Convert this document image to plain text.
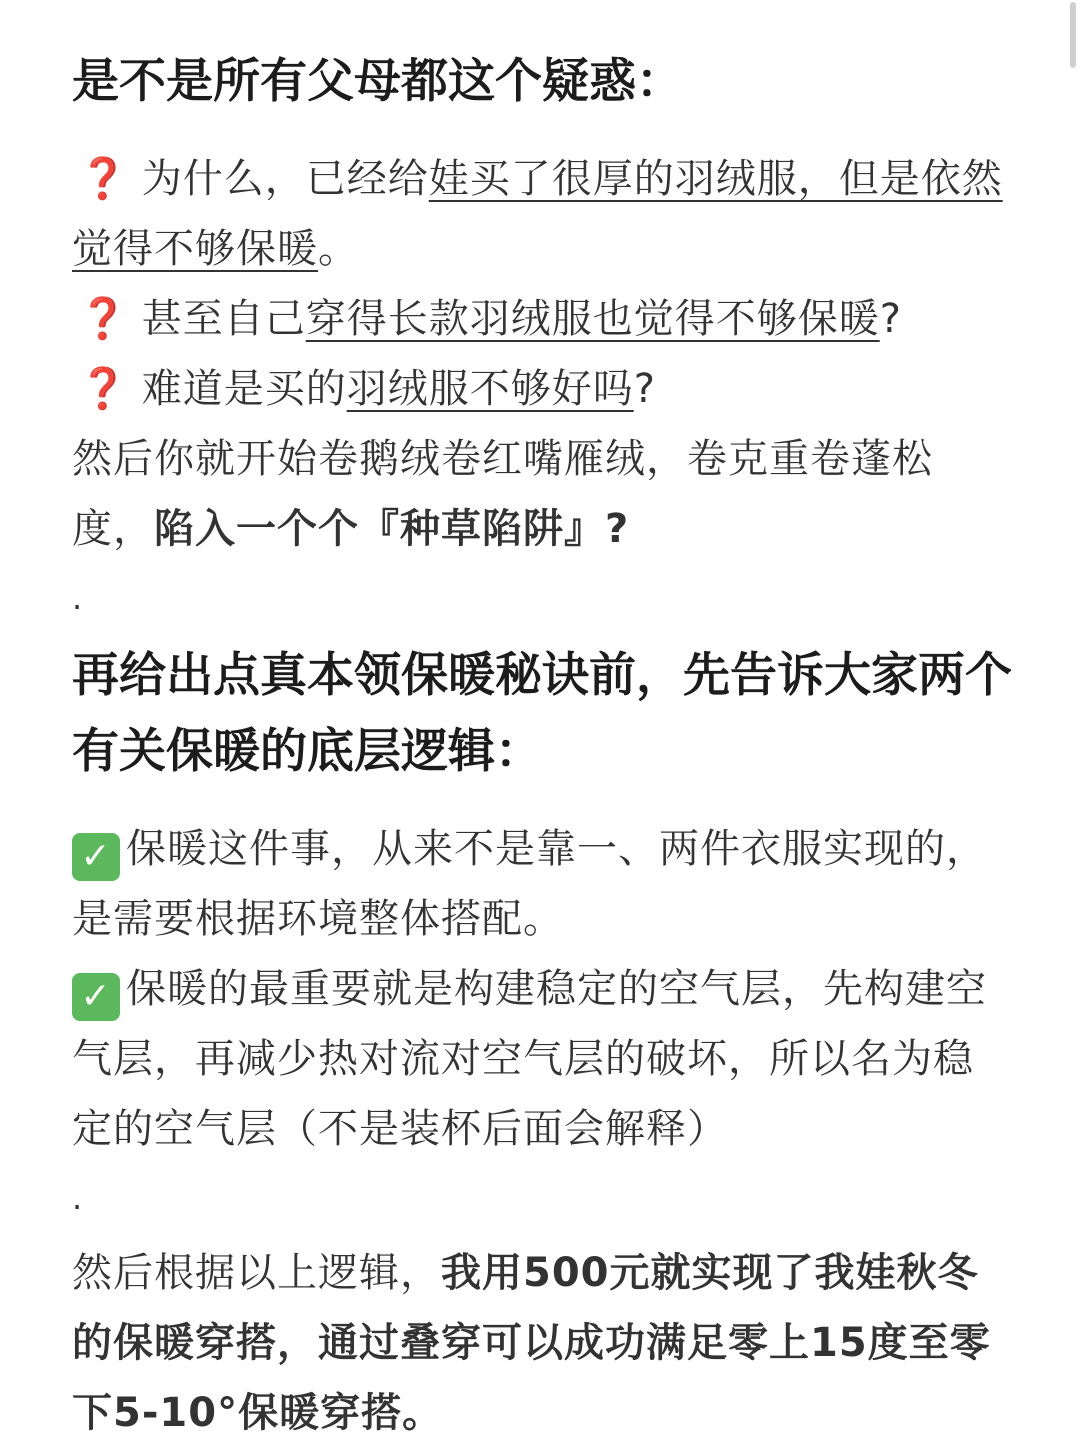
是不是所有父母都这个疑惑：

❓ 为什么，已经给娃买了很厚的羽绒服，但是依然觉得不够保暖。

❓ 甚至自己穿得长款羽绒服也觉得不够保暖?

❓ 难道是买的羽绒服不够好吗?

然后你就开始卷鹅绒卷红嘴雁绒，卷克重卷蓬松度，陷入一个个『种草陷阱』?

.

再给出点真本领保暖秘诀前，先告诉大家两个有关保暖的底层逻辑：

✓ 保暖这件事，从来不是靠一、两件衣服实现的，是需要根据环境整体搭配。

✓ 保暖的最重要就是构建稳定的空气层，先构建空气层，再减少热对流对空气层的破坏，所以名为稳定的空气层（不是装杯后面会解释）

.

然后根据以上逻辑，我用500元就实现了我娃秋冬的保暖穿搭，通过叠穿可以成功满足零上15度至零下5-10°保暖穿搭。
